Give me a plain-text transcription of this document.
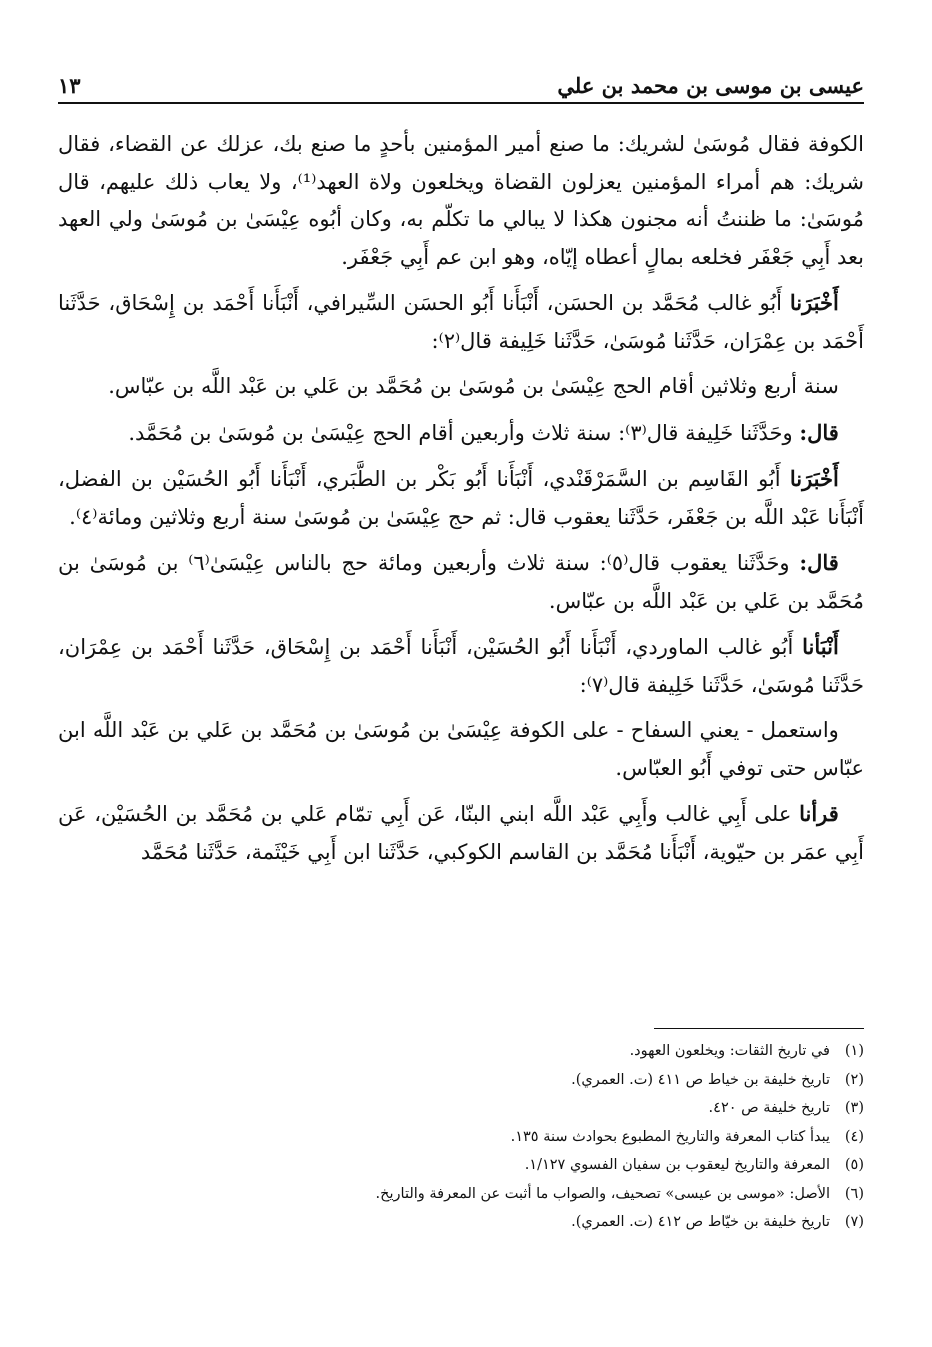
عيسى بن موسى بن محمد بن علي
١٣

الكوفة فقال مُوسَىٰ لشريك: ما صنع أمير المؤمنين بأحدٍ ما صنع بك، عزلك عن القضاء، فقال شريك: هم أمراء المؤمنين يعزلون القضاة ويخلعون ولاة العهد⁽¹⁾، ولا يعاب ذلك عليهم، قال مُوسَىٰ: ما ظننتُ أنه مجنون هكذا لا يبالي ما تكلّم به، وكان أبُوه عِيْسَىٰ بن مُوسَىٰ ولي العهد بعد أَبِي جَعْفَر فخلعه بمالٍ أعطاه إيّاه، وهو ابن عم أَبِي جَعْفَر.

أَخْبَرَنا أَبُو غالب مُحَمَّد بن الحسَن، أَنْبَأَنا أَبُو الحسَن السِّيرافي، أَنْبَأَنا أَحْمَد بن إِسْحَاق، حَدَّثَنا أَحْمَد بن عِمْرَان، حَدَّثَنا مُوسَىٰ، حَدَّثَنا خَلِيفة قال⁽٢⁾:

سنة أربع وثلاثين أقام الحج عِيْسَىٰ بن مُوسَىٰ بن مُحَمَّد بن عَلي بن عَبْد اللَّه بن عبّاس.

قال: وحَدَّثَنا خَلِيفة قال⁽٣⁾: سنة ثلاث وأربعين أقام الحج عِيْسَىٰ بن مُوسَىٰ بن مُحَمَّد.

أَخْبَرَنا أَبُو القَاسِم بن السَّمَرْقَنْدي، أَنْبَأَنا أَبُو بَكْر بن الطَّبَري، أَنْبَأَنا أَبُو الحُسَيْن بن الفضل، أَنْبَأَنا عَبْد اللَّه بن جَعْفَر، حَدَّثَنا يعقوب قال: ثم حج عِيْسَىٰ بن مُوسَىٰ سنة أربع وثلاثين ومائة⁽٤⁾.

قال: وحَدَّثَنا يعقوب قال⁽٥⁾: سنة ثلاث وأربعين ومائة حج بالناس عِيْسَىٰ⁽٦⁾ بن مُوسَىٰ بن مُحَمَّد بن عَلي بن عَبْد اللَّه بن عبّاس.

أَنْبَأنا أَبُو غالب الماوردي، أَنْبَأَنا أَبُو الحُسَيْن، أَنْبَأَنا أَحْمَد بن إِسْحَاق، حَدَّثَنا أَحْمَد بن عِمْرَان، حَدَّثَنا مُوسَىٰ، حَدَّثَنا خَلِيفة قال⁽٧⁾:

واستعمل - يعني السفاح - على الكوفة عِيْسَىٰ بن مُوسَىٰ بن مُحَمَّد بن عَلي بن عَبْد اللَّه ابن عبّاس حتى توفي أَبُو العبّاس.

قرأنا على أَبِي غالب وأَبِي عَبْد اللَّه ابني البنّا، عَن أَبِي تمّام عَلي بن مُحَمَّد بن الحُسَيْن، عَن أَبِي عمَر بن حيّوية، أَنْبَأَنا مُحَمَّد بن القاسم الكوكبي، حَدَّثَنا ابن أَبِي خَيْثَمة، حَدَّثَنا مُحَمَّد

(١)في تاريخ الثقات: ويخلعون العهود.
(٢)تاريخ خليفة بن خياط ص ٤١١ (ت. العمري).
(٣)تاريخ خليفة ص ٤٢٠.
(٤)يبدأ كتاب المعرفة والتاريخ المطبوع بحوادث سنة ١٣٥.
(٥)المعرفة والتاريخ ليعقوب بن سفيان الفسوي ١/١٢٧.
(٦)الأصل: «موسى بن عيسى» تصحيف، والصواب ما أثبت عن المعرفة والتاريخ.
(٧)تاريخ خليفة بن خيّاط ص ٤١٢ (ت. العمري).
